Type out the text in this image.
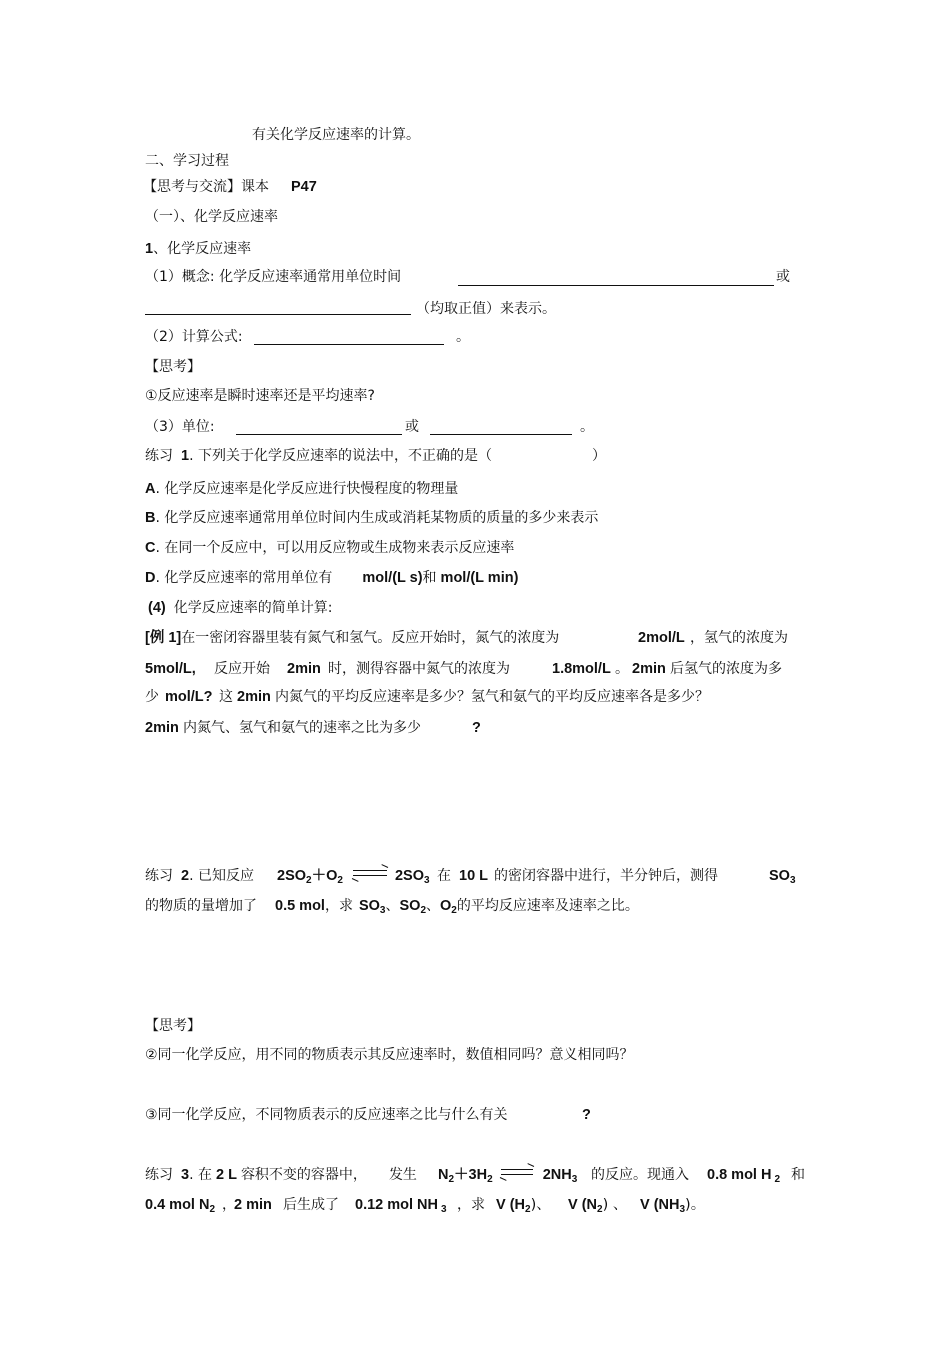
有关化学反应速率的计算。
二、学习过程
【思考与交流】课本 P47
（一）、化学反应速率
1、化学反应速率
（1）概念: 化学反应速率通常用单位时间	或
（均取正值）来表示。
（2）计算公式:	。
【思考】
①反应速率是瞬时速率还是平均速率?
（3）单位:	或	。
练习 1. 下列关于化学反应速率的说法中，不正确的是（	）
A. 化学反应速率是化学反应进行快慢程度的物理量
B. 化学反应速率通常用单位时间内生成或消耗某物质的质量的多少来表示
C. 在同一个反应中，可以用反应物或生成物来表示反应速率
D. 化学反应速率的常用单位有 mol/(L s)和 mol/(L min)
(4) 化学反应速率的简单计算:
[例 1]在一密闭容器里装有氮气和氢气。反应开始时，氮气的浓度为	2mol/L ，氢气的浓度为
5mol/L, 反应开始 2min 时，测得容器中氮气的浓度为	1.8mol/L 。 2min 后氢气的浓度为多
少 mol/L? 这 2min 内氮气的平均反应速率是多少？氢气和氨气的平均反应速率各是多少？
2min 内氮气、氢气和氨气的速率之比为多少	?
练习 2. 已知反应 $2SO_2+O_2$	$2SO_3$ 在 10 L 的密闭容器中进行，半分钟后，测得	$SO_3$
的物质的量增加了 0.5 mol，求 $SO_3$、$SO_2$、$O_2$的平均反应速率及速率之比。
【思考】
②同一化学反应，用不同的物质表示其反应速率时，数值相同吗？意义相同吗？
③同一化学反应，不同物质表示的反应速率之比与什么有关	?
练习 3. 在 2 L 容积不变的容器中， 发生 $N_2+3H_2$	$2NH_3$ 的反应。现通入 0.8 mol H $_2$ 和
0.4 mol $N_2$ ，
2 min 后生成了 0.12 mol NH $_3$ ，求 V $(H_2)$、 V $(N_2)$ 、 V $(NH_3)$。
